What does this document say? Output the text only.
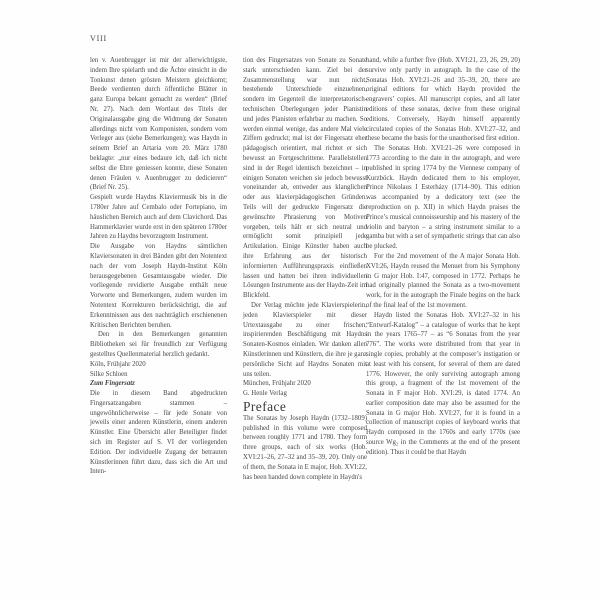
VIII

len v. Auenbrugger ist mir der allerwichtigste, indem Ihre spielarth und die Ächte einsicht in die Tonkunst denen grösten Meistern gleichkomt; Beede verdienten durch öffentliche Blätter in ganz Europa bekant gemacht zu werden“ (Brief Nr. 27). Nach dem Wortlaut des Titels der Originalausgabe ging die Widmung der Sonaten allerdings nicht vom Komponisten, sondern vom Verleger aus (siehe Bemerkungen); was Haydn in seinem Brief an Artaria vom 20. März 1780 beklagte: „nur eines bedaure ich, daß ich nicht selbst die Ehre geniessen konnte, diese Sonaten denen Fräulen v. Auenbrugger zu dedicieren“ (Brief Nr. 25).

Gespielt wurde Haydns Klaviermusik bis in die 1780er Jahre auf Cembalo oder Fortepiano, im häuslichen Bereich auch auf dem Clavichord. Das Hammerklavier wurde erst in den späteren 1780er Jahren zu Haydns bevorzugtem Instrument.

Die Ausgabe von Haydns sämtlichen Klaviersonaten in drei Bänden gibt den Notentext nach der vom Joseph Haydn-Institut Köln herausgegebenen Gesamtausgabe wieder. Die vorliegende revidierte Ausgabe enthält neue Vorworte und Bemerkungen, zudem wurden im Notentext Korrekturen berücksichtigt, die auf Erkenntnissen aus den nachträglich erschienenen Kritischen Berichten beruhen.

Den in den Bemerkungen genannten Bibliotheken sei für freundlich zur Verfügung gestelltes Quellenmaterial herzlich gedankt.

Köln, Frühjahr 2020

Silke Schloen

Zum Fingersatz

Die in diesem Band abgedruckten Fingersatzangaben stammen – ungewöhnlicherweise – für jede Sonate von jeweils einer anderen Künstlerin, einem anderen Künstler. Eine Übersicht aller Beteiligter findet sich im Register auf S. VI der vorliegenden Edition. Der individuelle Zugang der betrauten Künstlerinnen führt dazu, dass sich die Art und Inten-

tion des Fingersatzes von Sonate zu Sonate stark unterschieden kann. Ziel bei der Zusammenstellung war nun nicht, bestehende Unterschiede einzuebnen, sondern im Gegenteil die interpretatorisch-technischen Überlegungen jeder Pianistin und jedes Pianisten erfahrbar zu machen. So werden einmal wenige, das andere Mal viele Ziffern gedruckt; mal ist der Fingersatz eher pädagogisch orientiert, mal richtet er sich bewusst an Fortgeschrittene. Parallelstellen sind in der Regel identisch bezeichnet – in einigen Sonaten weichen sie jedoch bewusst voneinander ab, entweder aus klanglichen oder aus klavierpädagogischen Gründen. Teils will der gedruckte Fingersatz die gewünschte Phrasierung von Motiven vorgeben, teils hält er sich neutral und ermöglicht somit prinzipiell jede Artikulation. Einige Künstler haben auch ihre Erfahrung aus der historisch informierten Aufführungspraxis einfließen lassen und hatten bei ihren individuellen Lösungen Instrumente aus der Haydn-Zeit im Blickfeld.

Der Verlag möchte jede Klavierspielerin, jeden Klavierspieler mit dieser Urtextausgabe zu einer frischen, inspirierenden Beschäftigung mit Haydns Sonaten-Kosmos einladen. Wir danken allen Künstlerinnen und Künstlern, die ihre je ganz persönliche Sicht auf Haydns Sonaten mit uns teilen.

München, Frühjahr 2020

G. Henle Verlag

Preface

The Sonatas by Joseph Haydn (1732–1809) published in this volume were composed between roughly 1771 and 1780. They form three groups, each of six works (Hob. XVI:21–26, 27–32 and 35–39, 20). Only one of them, the Sonata in E major, Hob. XVI:22, has been handed down complete in Haydn's

hand, while a further five (Hob. XVI:21, 23, 26, 29, 20) survive only partly in autograph. In the case of the Sonatas Hob. XVI:21–26 and 35–39, 20, there are original editions for which Haydn provided the engravers’ copies. All manuscript copies, and all later editions of these sonatas, derive from these original editions. Conversely, Haydn himself apparently circulated copies of the Sonatas Hob. XVI:27–32, and these became the basis for the unauthorised first edition.

The Sonatas Hob. XVI:21–26 were composed in 1773 according to the date in the autograph, and were published in spring 1774 by the Viennese company of Kurzböck. Haydn dedicated them to his employer, Prince Nikolaus I Esterházy (1714–90). This edition was accompanied by a dedicatory text (see the reproduction on p. XII) in which Haydn praises the Prince’s musical connoisseurship and his mastery of the violin and baryton – a string instrument similar to a gamba but with a set of sympathetic strings that can also be plucked.

For the 2nd movement of the A major Sonata Hob. XVI:26, Haydn reused the Menuet from his Symphony in G major Hob. I:47, composed in 1772. Perhaps he had originally planned the Sonata as a two-movement work, for in the autograph the Finale begins on the back of the final leaf of the 1st movement.

Haydn listed the Sonatas Hob. XVI:27–32 in his “Entwurf-Katalog” – a catalogue of works that he kept in the years 1765–77 – as “6 Sonatas from the year 776”. The works were distributed from that year in single copies, probably at the composer’s instigation or at least with his consent, for several of them are dated 1776. However, the only surviving autograph among this group, a fragment of the 1st movement of the Sonata in F major Hob. XVI:29, is dated 1774. An earlier composition date may also be assumed for the Sonata in G major Hob. XVI:27, for it is found in a collection of manuscript copies of keyboard works that Haydn composed in the 1760s and early 1770s (see source Wg₂ in the Comments at the end of the present edition). Thus it could be that Haydn
